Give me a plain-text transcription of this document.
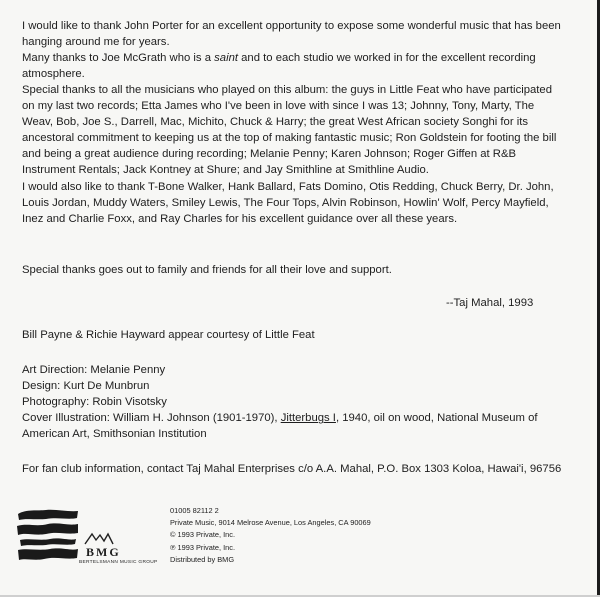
I would like to thank John Porter for an excellent opportunity to expose some wonderful music that has been
hanging around me for years.
Many thanks to Joe McGrath who is a saint and to each studio we worked in for the excellent recording
atmosphere.
Special thanks to all the musicians who played on this album: the guys in Little Feat who have participated
on my last two records; Etta James who I've been in love with since I was 13; Johnny, Tony, Marty, The
Weav, Bob, Joe S., Darrell, Mac, Michito, Chuck & Harry; the great West African society Songhi for its
ancestoral commitment to keeping us at the top of making fantastic music; Ron Goldstein for footing the bill
and being a great audience during recording; Melanie Penny; Karen Johnson; Roger Giffen at R&B
Instrument Rentals; Jack Kontney at Shure; and Jay Smithline at Smithline Audio.
I would also like to thank T-Bone Walker, Hank Ballard, Fats Domino, Otis Redding, Chuck Berry, Dr. John,
Louis Jordan, Muddy Waters, Smiley Lewis, The Four Tops, Alvin Robinson, Howlin' Wolf, Percy Mayfield,
Inez and Charlie Foxx, and Ray Charles for his excellent guidance over all these years.
Special thanks goes out to family and friends for all their love and support.
--Taj Mahal, 1993
Bill Payne & Richie Hayward appear courtesy of Little Feat
Art Direction: Melanie Penny
Design: Kurt De Munbrun
Photography: Robin Visotsky
Cover Illustration: William H. Johnson (1901-1970), Jitterbugs I, 1940, oil on wood, National Museum of
American Art, Smithsonian Institution
For fan club information, contact Taj Mahal Enterprises c/o A.A. Mahal, P.O. Box 1303 Koloa, Hawai'i, 96756
BMG
BERTELSMANN MUSIC GROUP
01005 82112 2
Private Music, 9014 Melrose Avenue, Los Angeles, CA 90069
© 1993 Private, Inc.
℗ 1993 Private, Inc.
Distributed by BMG
